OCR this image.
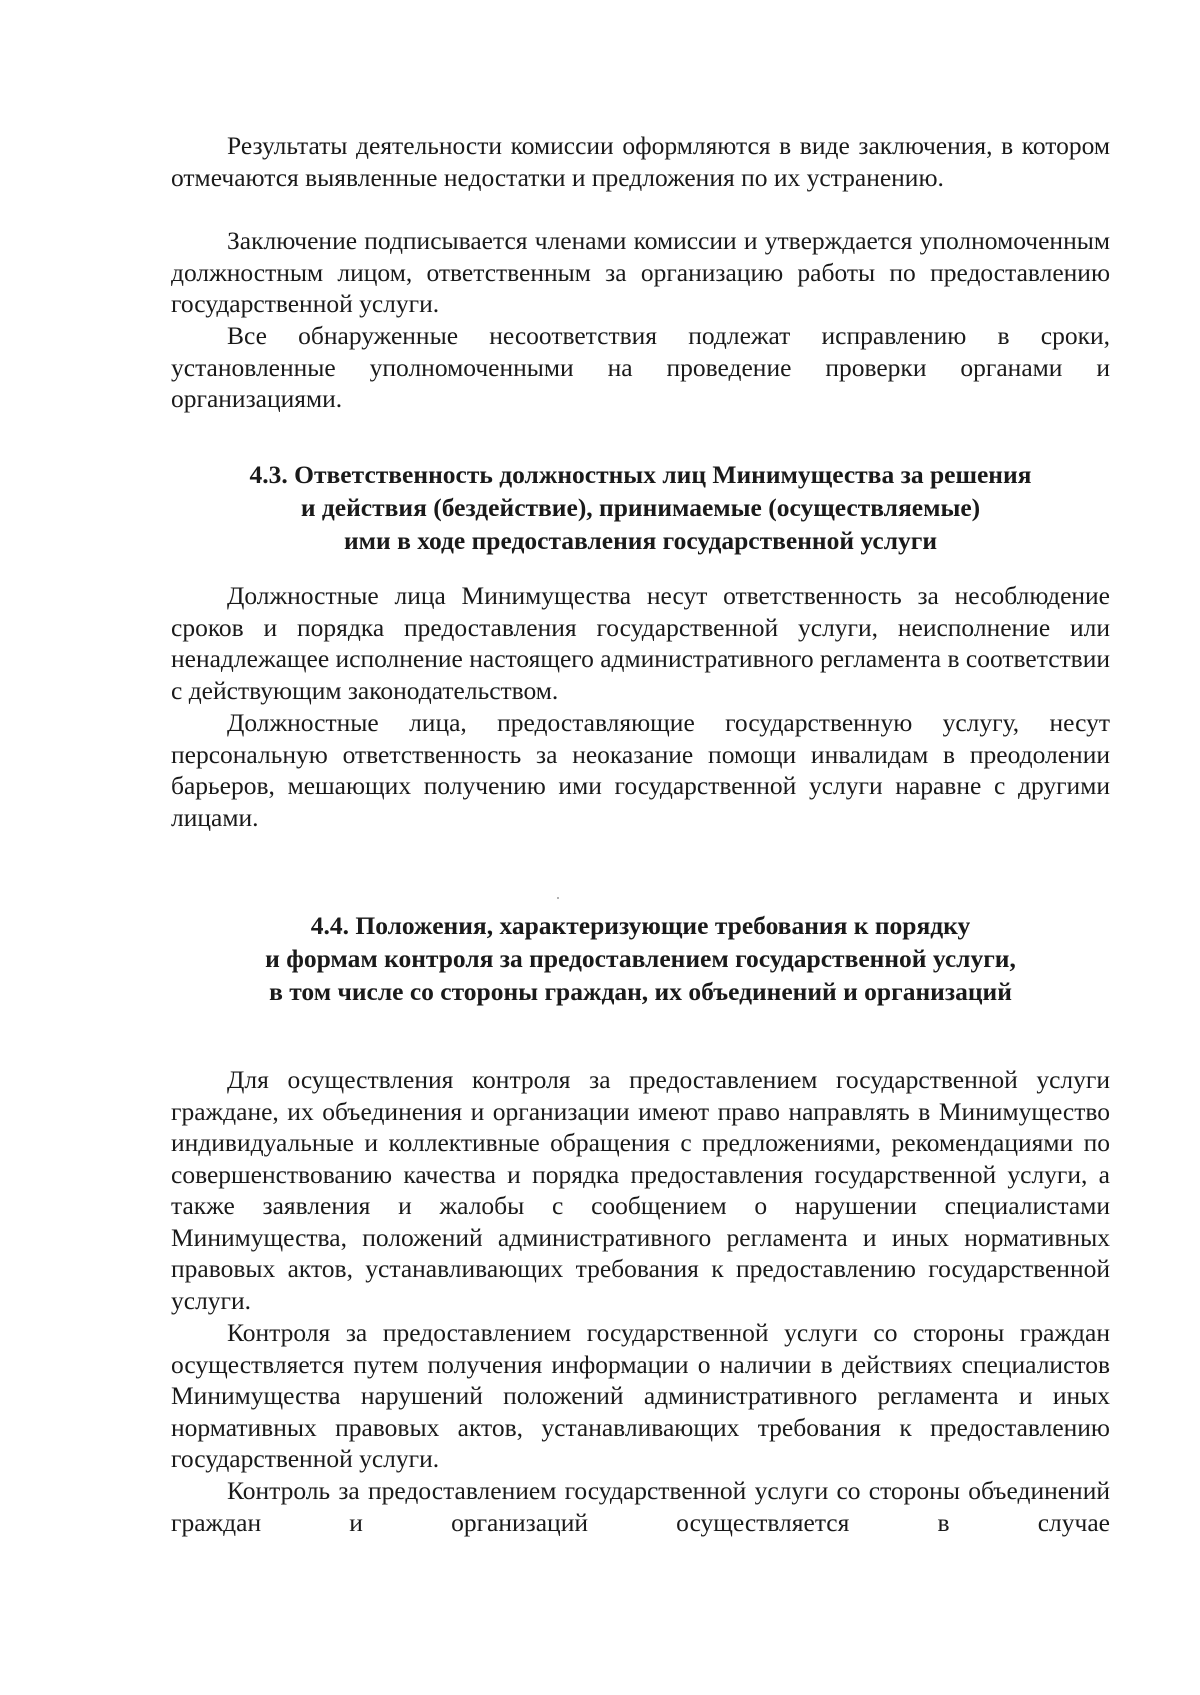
Результаты деятельности комиссии оформляются в виде заключения, в котором отмечаются выявленные недостатки и предложения по их устранению.

Заключение подписывается членами комиссии и утверждается уполномоченным должностным лицом, ответственным за организацию работы по предоставлению государственной услуги.

Все обнаруженные несоответствия подлежат исправлению в сроки, установленные уполномоченными на проведение проверки органами и организациями.

4.3. Ответственность должностных лиц Минимущества за решения
и действия (бездействие), принимаемые (осуществляемые)
ими в ходе предоставления государственной услуги

Должностные лица Минимущества несут ответственность за несоблюдение сроков и порядка предоставления государственной услуги, неисполнение или ненадлежащее исполнение настоящего административного регламента в соответствии с действующим законодательством.

Должностные лица, предоставляющие государственную услугу, несут персональную ответственность за неоказание помощи инвалидам в преодолении барьеров, мешающих получению ими государственной услуги наравне с другими лицами.

4.4. Положения, характеризующие требования к порядку
и формам контроля за предоставлением государственной услуги,
в том числе со стороны граждан, их объединений и организаций

Для осуществления контроля за предоставлением государственной услуги граждане, их объединения и организации имеют право направлять в Минимущество индивидуальные и коллективные обращения с предложениями, рекомендациями по совершенствованию качества и порядка предоставления государственной услуги, а также заявления и жалобы с сообщением о нарушении специалистами Минимущества, положений административного регламента и иных нормативных правовых актов, устанавливающих требования к предоставлению государственной услуги.

Контроля за предоставлением государственной услуги со стороны граждан осуществляется путем получения информации о наличии в действиях специалистов Минимущества нарушений положений административного регламента и иных нормативных правовых актов, устанавливающих требования к предоставлению государственной услуги.

Контроль за предоставлением государственной услуги со стороны объединений граждан и организаций осуществляется в случае
